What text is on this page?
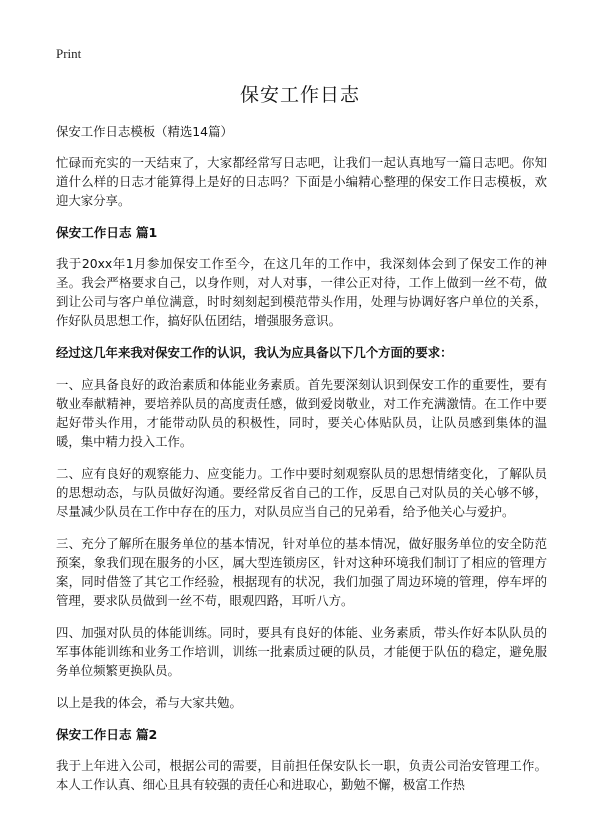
Print
保安工作日志

保安工作日志模板（精选14篇）

忙碌而充实的一天结束了，大家都经常写日志吧，让我们一起认真地写一篇日志吧。你知道什么样的日志才能算得上是好的日志吗？下面是小编精心整理的保安工作日志模板，欢迎大家分享。

保安工作日志 篇1

我于20xx年1月参加保安工作至今，在这几年的工作中，我深刻体会到了保安工作的神圣。我会严格要求自己，以身作则，对人对事，一律公正对待，工作上做到一丝不苟，做到让公司与客户单位满意，时时刻刻起到模范带头作用，处理与协调好客户单位的关系，作好队员思想工作，搞好队伍团结，增强服务意识。

经过这几年来我对保安工作的认识，我认为应具备以下几个方面的要求：

一、应具备良好的政治素质和体能业务素质。首先要深刻认识到保安工作的重要性，要有敬业奉献精神，要培养队员的高度责任感，做到爱岗敬业，对工作充满激情。在工作中要起好带头作用，才能带动队员的积极性，同时，要关心体贴队员，让队员感到集体的温暖，集中精力投入工作。

二、应有良好的观察能力、应变能力。工作中要时刻观察队员的思想情绪变化，了解队员的思想动态，与队员做好沟通。要经常反省自己的工作，反思自己对队员的关心够不够，尽量减少队员在工作中存在的压力，对队员应当自己的兄弟看，给予他关心与爱护。

三、充分了解所在服务单位的基本情况，针对单位的基本情况，做好服务单位的安全防范预案，象我们现在服务的小区，属大型连锁房区，针对这种环境我们制订了相应的管理方案，同时借签了其它工作经验，根据现有的状况，我们加强了周边环境的管理，停车坪的管理，要求队员做到一丝不苟，眼观四路，耳听八方。

四、加强对队员的体能训练。同时，要具有良好的体能、业务素质，带头作好本队队员的军事体能训练和业务工作培训，训练一批素质过硬的队员，才能便于队伍的稳定，避免服务单位频繁更换队员。

以上是我的体会，希与大家共勉。

保安工作日志 篇2

我于上年进入公司，根据公司的需要，目前担任保安队长一职，负责公司治安管理工作。本人工作认真、细心且具有较强的责任心和进取心，勤勉不懈，极富工作热
